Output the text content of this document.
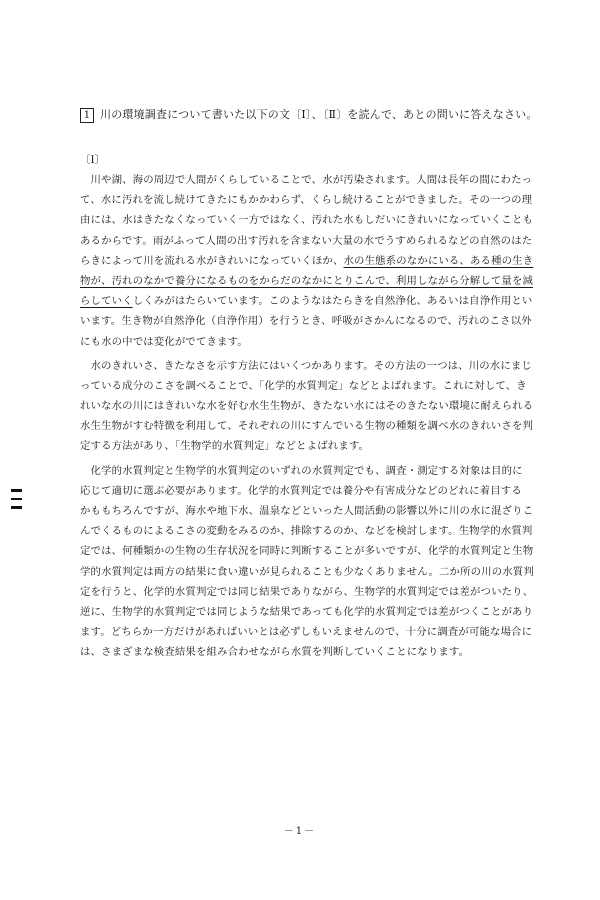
1 川の環境調査について書いた以下の文〔Ⅰ〕、〔Ⅱ〕を読んで、あとの問いに答えなさい。
〔Ⅰ〕
川や湖、海の周辺で人間がくらしていることで、水が汚染されます。人間は長年の間にわたっ
て、水に汚れを流し続けてきたにもかかわらず、くらし続けることができました。その一つの理
由には、水はきたなくなっていく一方ではなく、汚れた水もしだいにきれいになっていくことも
あるからです。雨がふって人間の出す汚れを含まない大量の水でうすめられるなどの自然のはた
らきによって川を流れる水がきれいになっていくほか、水の生態系のなかにいる、ある種の生き
物が、汚れのなかで養分になるものをからだのなかにとりこんで、利用しながら分解して量を減
らしていくしくみがはたらいています。このようなはたらきを自然浄化、あるいは自浄作用とい
います。生き物が自然浄化（自浄作用）を行うとき、呼吸がさかんになるので、汚れのこさ以外
にも水の中では変化がでてきます。
水のきれいさ、きたなさを示す方法にはいくつかあります。その方法の一つは、川の水にまじ
っている成分のこさを調べることで、「化学的水質判定」などとよばれます。これに対して、き
れいな水の川にはきれいな水を好む水生生物が、きたない水にはそのきたない環境に耐えられる
水生生物がすむ特徴を利用して、それぞれの川にすんでいる生物の種類を調べ水のきれいさを判
定する方法があり、「生物学的水質判定」などとよばれます。
化学的水質判定と生物学的水質判定のいずれの水質判定でも、調査・測定する対象は目的に
応じて適切に選ぶ必要があります。化学的水質判定では養分や有害成分などのどれに着目する
かももちろんですが、海水や地下水、温泉などといった人間活動の影響以外に川の水に混ざりこ
んでくるものによるこさの変動をみるのか、排除するのか、などを検討します。生物学的水質判
定では、何種類かの生物の生存状況を同時に判断することが多いですが、化学的水質判定と生物
学的水質判定は両方の結果に食い違いが見られることも少なくありません。二か所の川の水質判
定を行うと、化学的水質判定では同じ結果でありながら、生物学的水質判定では差がついたり、
逆に、生物学的水質判定では同じような結果であっても化学的水質判定では差がつくことがあり
ます。どちらか一方だけがあればいいとは必ずしもいえませんので、十分に調査が可能な場合に
は、さまざまな検査結果を組み合わせながら水質を判断していくことになります。
－1－
